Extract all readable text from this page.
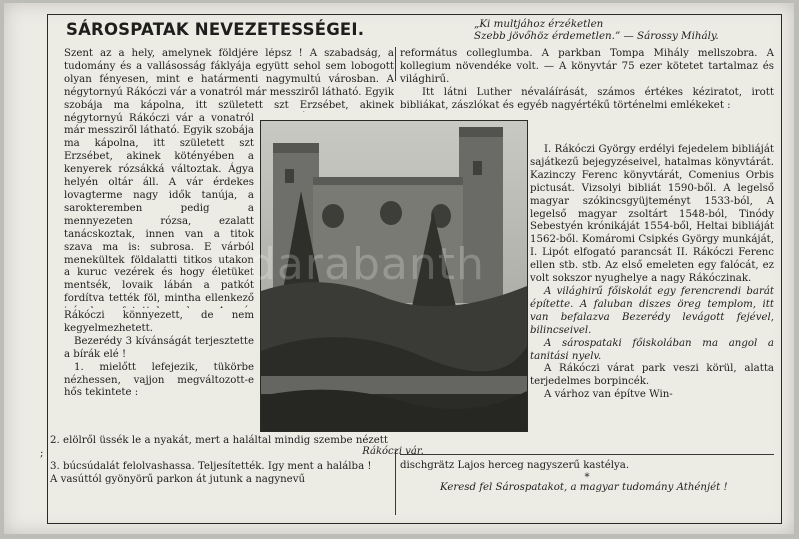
SÁROSPATAK NEVEZETESSÉGEI.	„Ki multjához érzéketlen
Szebb jövőhöz érdemetlen.” — Sárossy Mihály.

Szent az a hely, amelynek földjére lépsz ! A szabadság, a tudomány és a vallásosság fáklyája együtt sehol sem lobogott olyan fényesen, mint e határmenti nagymultú városban. A négytornyú Rákóczi vár a vonatról már messziről látható. Egyik szobája ma kápolna, itt született szt Erzsébet, akinek

négytornyú Rákóczi vár a vonatról már messziről látható. Egyik szobája ma kápolna, itt született szt Erzsébet, akinek kötényében a kenyerek rózsákká változtak. Ágya helyén oltár áll. A vár érdekes lovagterme nagy idők tanúja, a sarokteremben pedig a mennyezeten rózsa, ezalatt tanácskoztak, innen van a titok szava ma is: subrosa. E várból menekültek földalatti titkos utakon a kuruc vezérek és hogy életüket mentsék, lovaik lábán a patkót fordítva tették föl, mintha ellenkező

Rákóczi könnyezett, de nem kegyelmezhetett.

Bezerédy 3 kívánságát terjesztette a bírák elé !

1. mielőtt lefejezik, tükörbe nézhessen, vajjon megváltozott-e hős tekintete :

2. elölről üssék le a nyakát, mert a haláltal mindig szembe nézett ;

3. búcsúdalát felolvashassa. Teljesítették. Igy ment a halálba !

A vasúttól gyönyörű parkon át jutunk a nagynevű

református colleglumba. A parkban Tompa Mihály mellszobra. A kollegium növendéke volt. — A könyvtár 75 ezer kötetet tartalmaz és világhirű.

Itt látni Luther névaláírását, számos értékes kéziratot, irott bibliákat, zászlókat és egyéb nagyértékű történelmi emlékeket :

I. Rákóczi György erdélyi fejedelem bibliáját sajátkezű bejegyzéseivel, hatalmas könyvtárát. Kazinczy Ferenc könyvtárát, Comenius Orbis pictusát. Vizsolyi bibliát 1590-ből. A legelső magyar szókincsgyüjteményt 1533-ból, A legelső magyar zsoltárt 1548-ból, Tinódy Sebestyén krónikáját 1554-ből, Heltai bibliáját 1562-ből. Komáromi Csipkés György munkáját, I. Lipót elfogató parancsát II. Rákóczi Ferenc ellen stb. stb. Az első emeleten egy falócát, ez volt sokszor nyughelye a nagy Rákóczinak.

A világhirű főiskolát egy ferencrendi barát építette. A faluban diszes öreg templom, itt van befalazva Bezerédy levágott fejével, bilincseivel.

A sárospataki főiskolában ma angol a tanitási nyelv.

A Rákóczi várat park veszi körül, alatta terjedelmes borpincék.

A várhoz van építve Win-

dischgrätz Lajos herceg nagyszerű kastélya.

*

Keresd fel Sárospatakot, a magyar tudomány Athénjét !

Rákóczi vár.
darabanth
